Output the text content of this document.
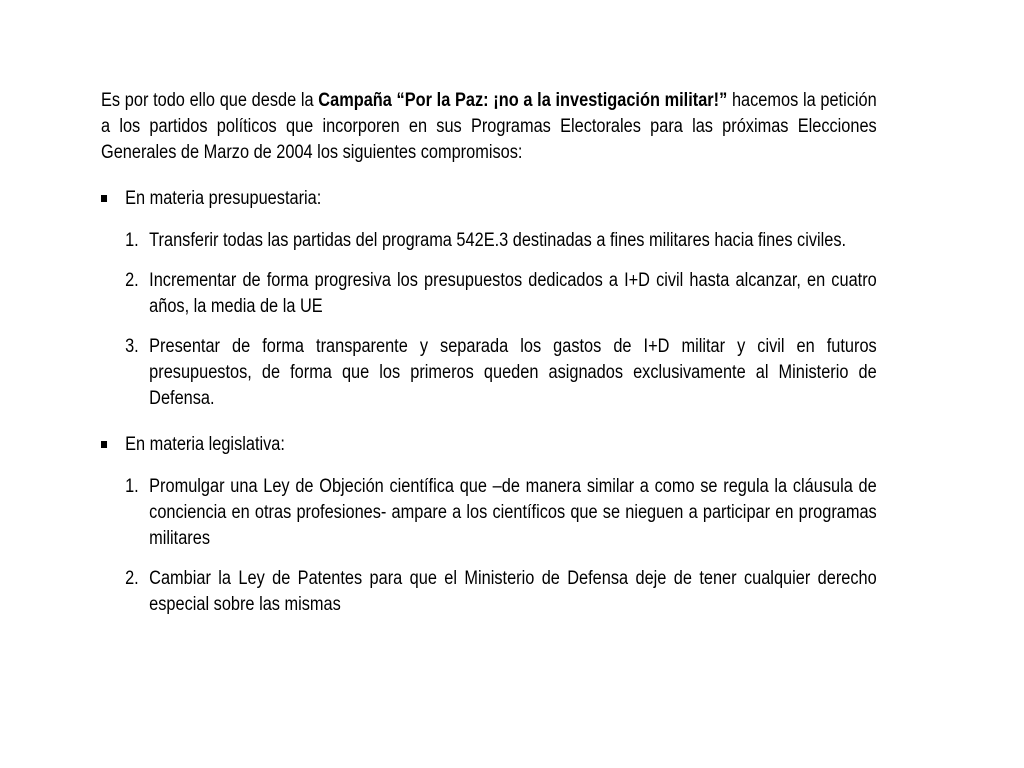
Es por todo ello que desde la Campaña “Por la Paz: ¡no a la investigación militar!” hacemos la petición a los partidos políticos que incorporen en sus Programas Electorales para las próximas Elecciones Generales de Marzo de 2004 los siguientes compromisos:

En materia presupuestaria:
1. Transferir todas las partidas del programa 542E.3 destinadas a fines militares hacia fines civiles.
2. Incrementar de forma progresiva los presupuestos dedicados a I+D civil hasta alcanzar, en cuatro años, la media de la UE
3. Presentar de forma transparente y separada los gastos de I+D militar y civil en futuros presupuestos, de forma que los primeros queden asignados exclusivamente al Ministerio de Defensa.
En materia legislativa:
1. Promulgar una Ley de Objeción científica que –de manera similar a como se regula la cláusula de conciencia en otras profesiones- ampare a los científicos que se nieguen a participar en programas militares
2. Cambiar la Ley de Patentes para que el Ministerio de Defensa deje de tener cualquier derecho especial sobre las mismas
